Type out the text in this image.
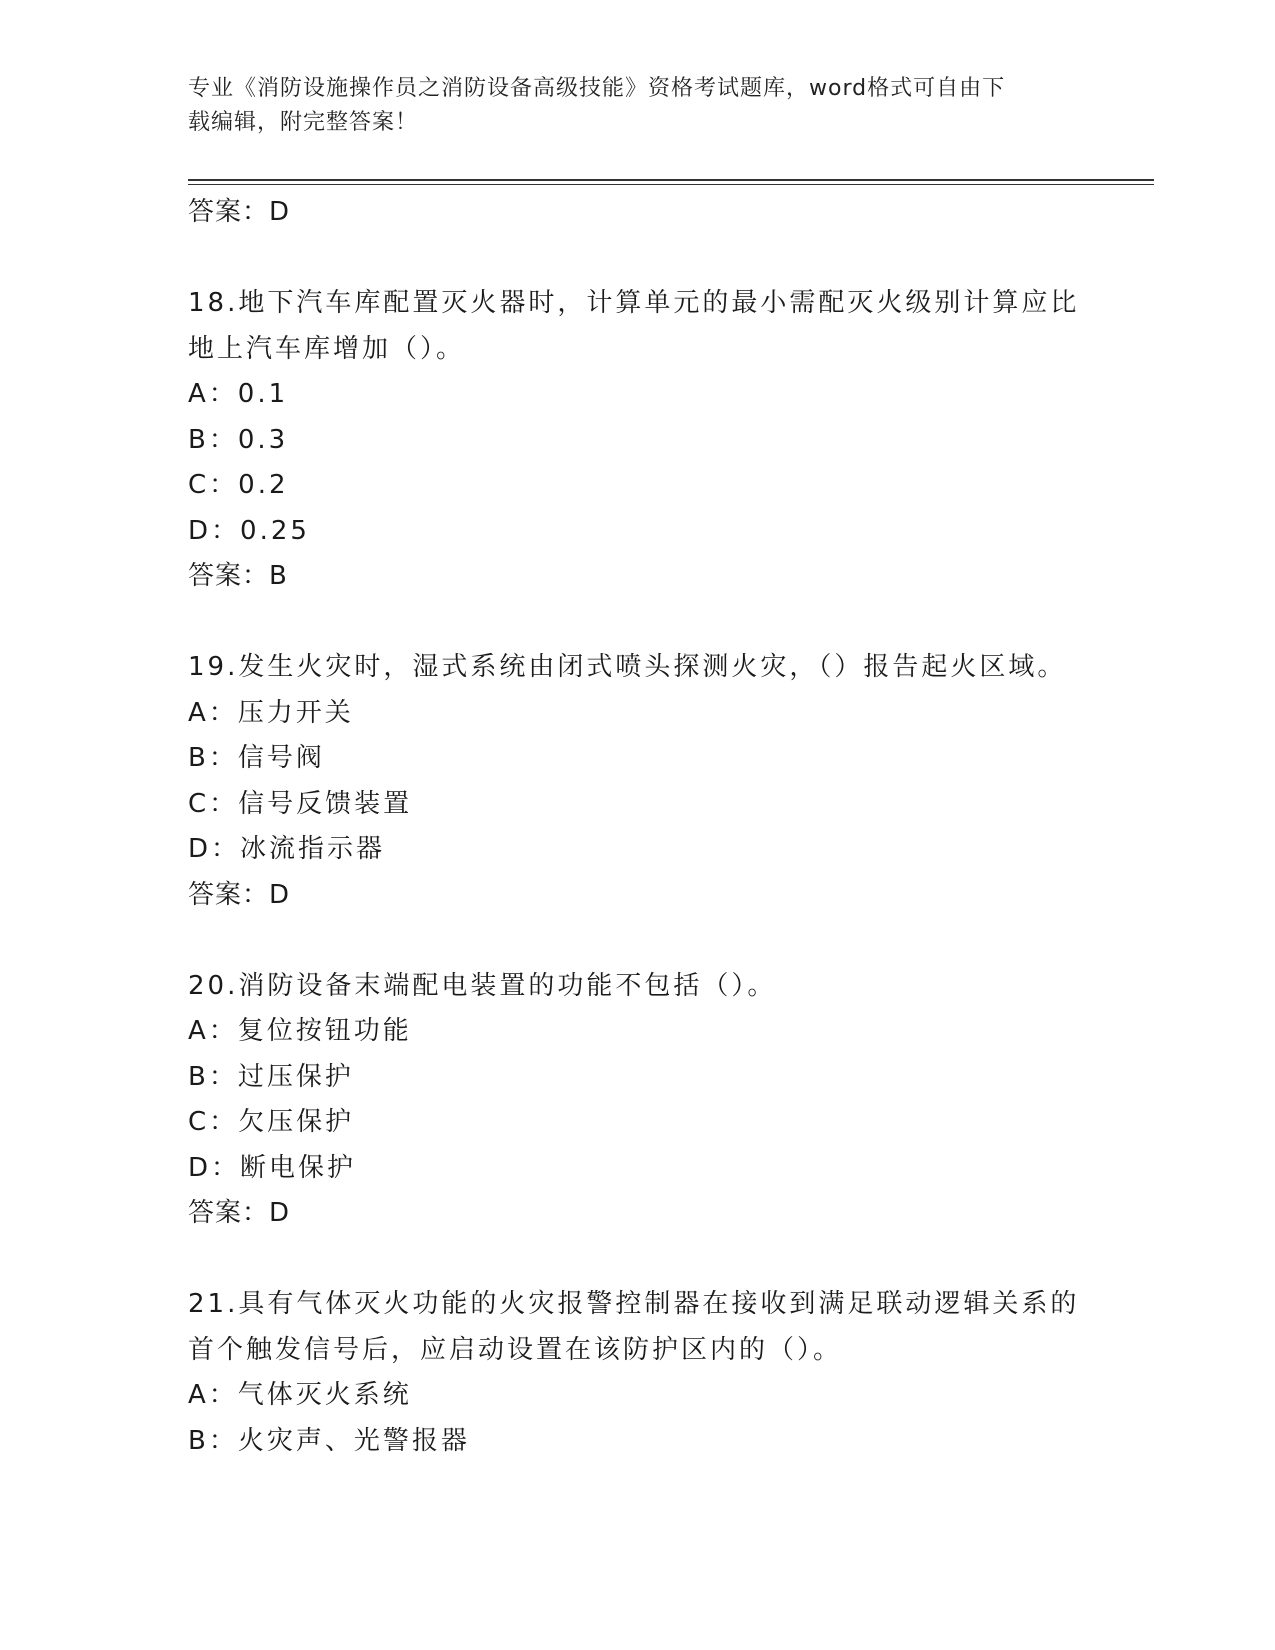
专业《消防设施操作员之消防设备高级技能》资格考试题库，word格式可自由下
载编辑，附完整答案！
答案：D
18.地下汽车库配置灭火器时，计算单元的最小需配灭火级别计算应比
地上汽车库增加（）。
A：0.1
B：0.3
C：0.2
D：0.25
答案：B
19.发生火灾时，湿式系统由闭式喷头探测火灾，（）报告起火区域。
A：压力开关
B：信号阀
C：信号反馈装置
D：冰流指示器
答案：D
20.消防设备末端配电装置的功能不包括（）。
A：复位按钮功能
B：过压保护
C：欠压保护
D：断电保护
答案：D
21.具有气体灭火功能的火灾报警控制器在接收到满足联动逻辑关系的
首个触发信号后，应启动设置在该防护区内的（）。
A：气体灭火系统
B：火灾声、光警报器
